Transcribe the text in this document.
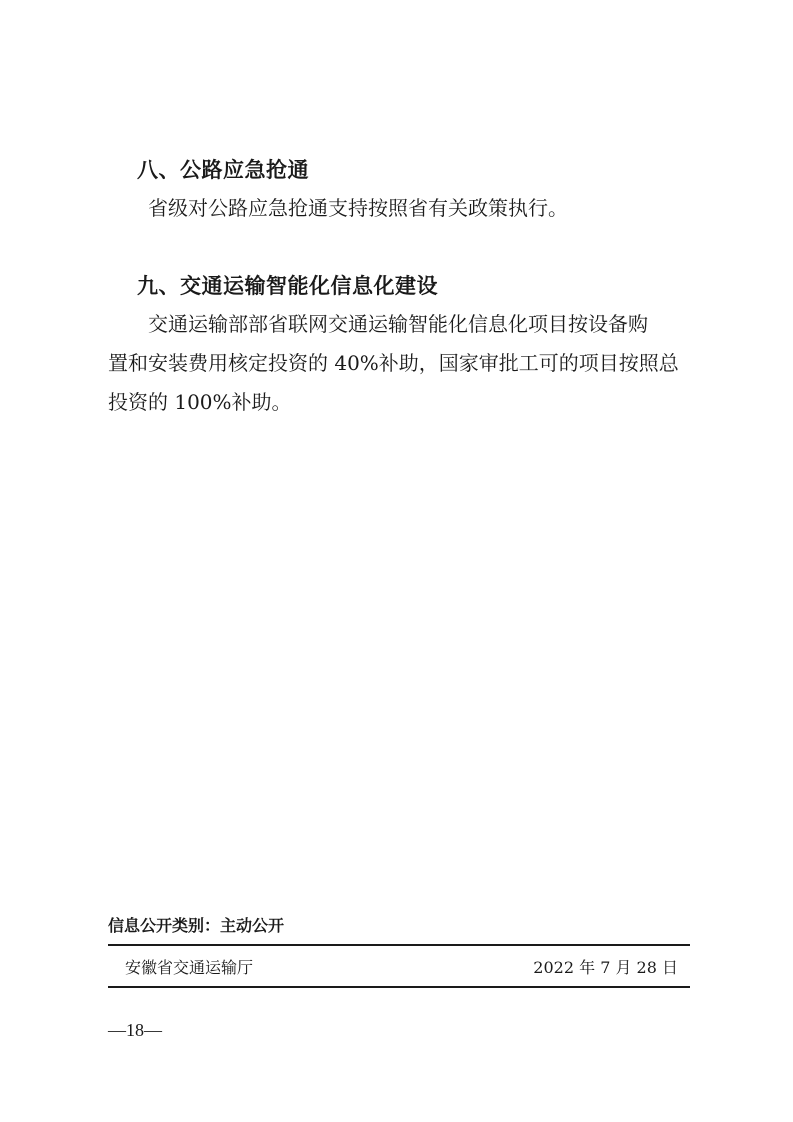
八、公路应急抢通
省级对公路应急抢通支持按照省有关政策执行。
九、交通运输智能化信息化建设
交通运输部部省联网交通运输智能化信息化项目按设备购
置和安装费用核定投资的 40%补助，国家审批工可的项目按照总
投资的 100%补助。
信息公开类别：主动公开
安徽省交通运输厅	2022 年 7 月 28 日
—18—
